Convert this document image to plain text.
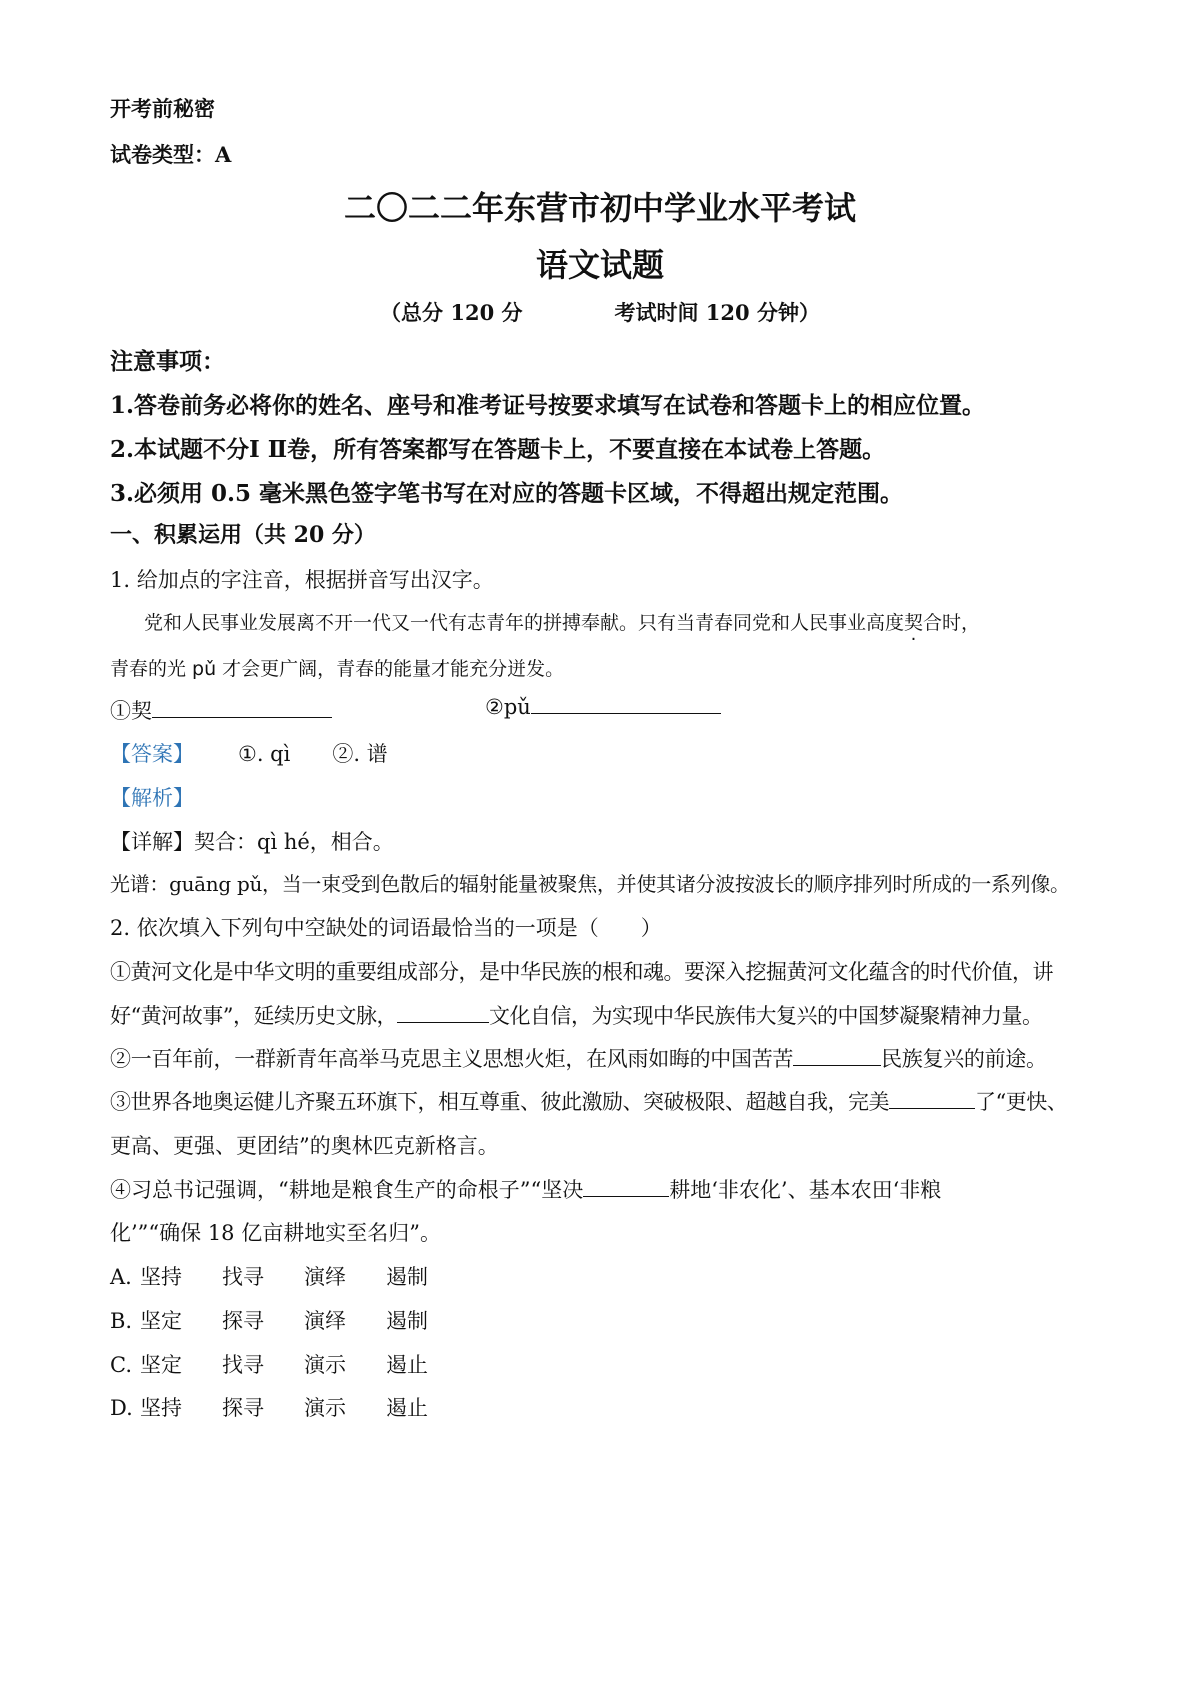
开考前秘密
试卷类型：A
二〇二二年东营市初中学业水平考试
语文试题
（总分 120 分	考试时间 120 分钟）
注意事项：
1.答卷前务必将你的姓名、座号和准考证号按要求填写在试卷和答题卡上的相应位置。
2.本试题不分Ⅰ Ⅱ卷，所有答案都写在答题卡上，不要直接在本试卷上答题。
3.必须用 0.5 毫米黑色签字笔书写在对应的答题卡区域，不得超出规定范围。
一、积累运用（共 20 分）
1. 给加点的字注音，根据拼音写出汉字。
党和人民事业发展离不开一代又一代有志青年的拼搏奉献。只有当青春同党和人民事业高度契合时，
青春的光 pǔ 才会更广阔，青春的能量才能充分迸发。
①契	②pǔ
【答案】 ①. qì　　②. 谱
【解析】
【详解】契合：qì hé，相合。
光谱：guāng pǔ，当一束受到色散后的辐射能量被聚焦，并使其诸分波按波长的顺序排列时所成的一系列像。
2. 依次填入下列句中空缺处的词语最恰当的一项是（　　）
①黄河文化是中华文明的重要组成部分，是中华民族的根和魂。要深入挖掘黄河文化蕴含的时代价值，讲
好“黄河故事”，延续历史文脉，	文化自信，为实现中华民族伟大复兴的中国梦凝聚精神力量。
②一百年前，一群新青年高举马克思主义思想火炬，在风雨如晦的中国苦苦	民族复兴的前途。
③世界各地奥运健儿齐聚五环旗下，相互尊重、彼此激励、突破极限、超越自我，完美	了“更快、
更高、更强、更团结”的奥林匹克新格言。
④习总书记强调，“耕地是粮食生产的命根子”“坚决	耕地‘非农化’、基本农田‘非粮
化’”“确保 18 亿亩耕地实至名归”。
A. 坚持 找寻 演绎 遏制
B. 坚定 探寻 演绎 遏制
C. 坚定 找寻 演示 遏止
D. 坚持 探寻 演示 遏止
